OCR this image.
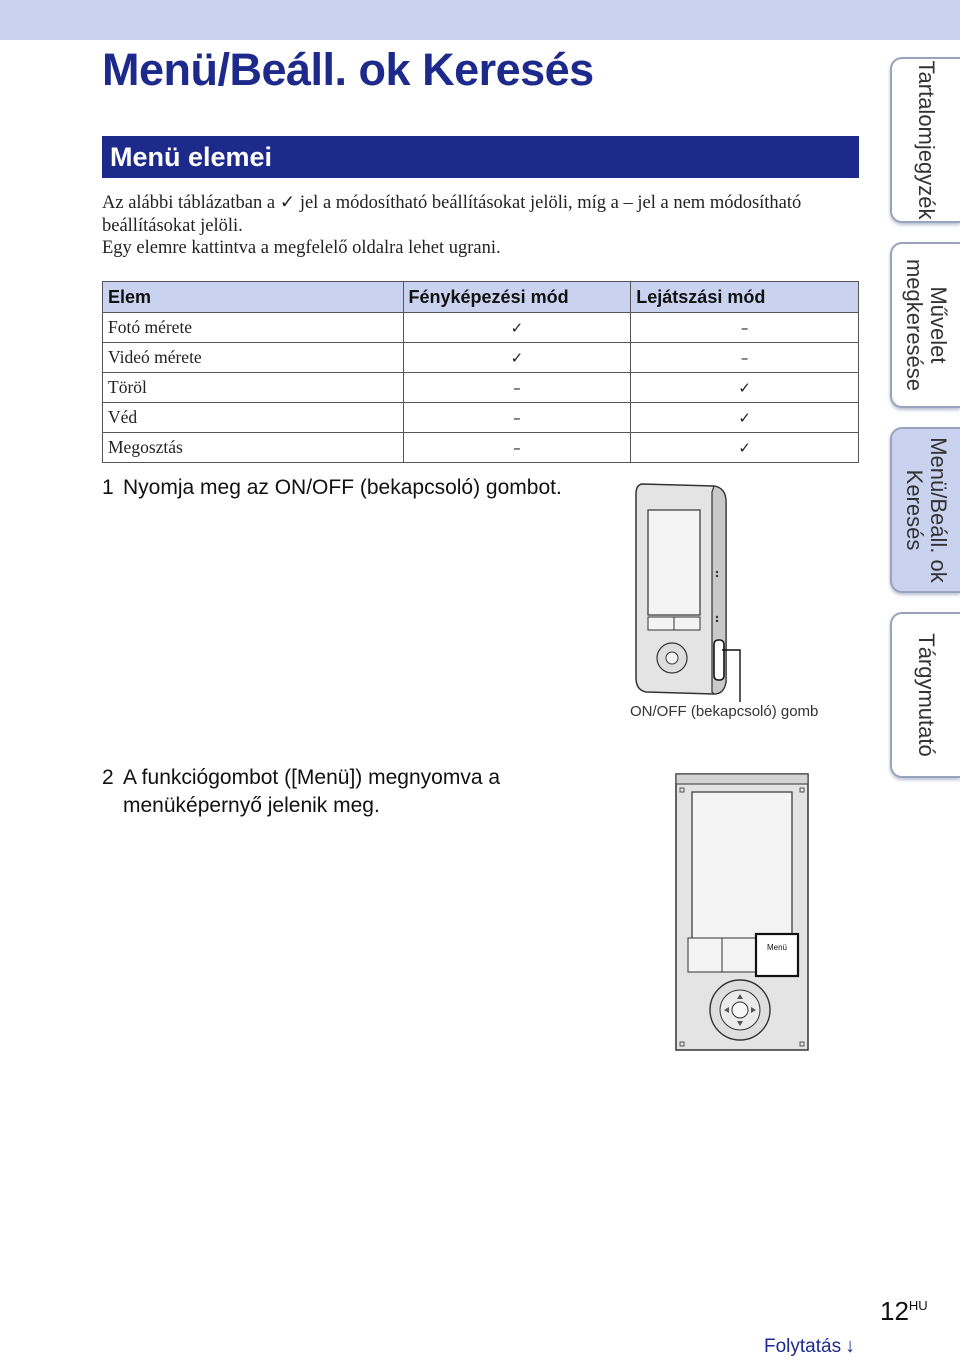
Menü/Beáll. ok Keresés
Menü elemei

Az alábbi táblázatban a ✓ jel a módosítható beállításokat jelöli, míg a – jel a nem módosítható beállításokat jelöli.

Egy elemre kattintva a megfelelő oldalra lehet ugrani.

Elem	Fényképezési mód	Lejátszási mód
Fotó mérete	✓	–
Videó mérete	✓	–
Töröl	–	✓
Véd	–	✓
Megosztás	–	✓
1 Nyomja meg az ON/OFF (bekapcsoló) gombot.
ON/OFF (bekapcsoló) gomb
2 A funkciógombot ([Menü]) megnyomva a
menüképernyő jelenik meg.
Menü
Tartalomjegyzék
Művelet
megkeresése
Menü/Beáll. ok
Keresés
Tárgymutató
$12^{HU}$
Folytatás ↓
